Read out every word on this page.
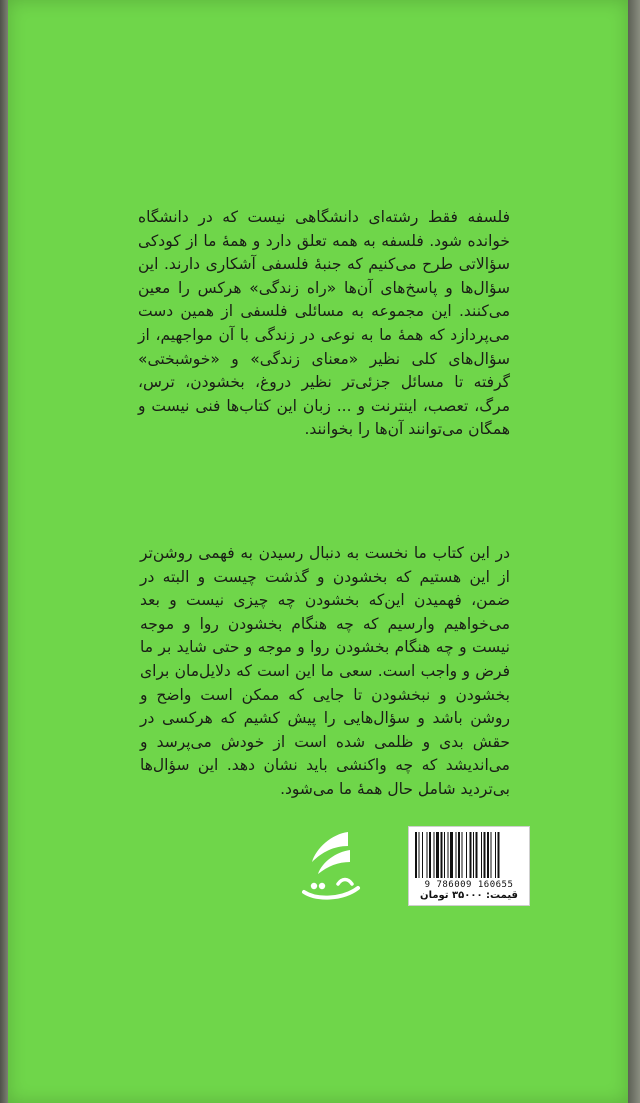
فلسفه فقط رشته‌ای دانشگاهی نیست که در دانشگاه خوانده شود. فلسفه به همه تعلق دارد و همهٔ ما از کودکی سؤالاتی طرح می‌کنیم که جنبهٔ فلسفی آشکاری دارند. این سؤال‌ها و پاسخ‌های آن‌ها «راه زندگی» هرکس را معین می‌کنند. این مجموعه به مسائلی فلسفی از همین دست می‌پردازد که همهٔ ما به نوعی در زندگی با آن مواجهیم، از سؤال‌های کلی نظیر «معنای زندگی» و «خوشبختی» گرفته تا مسائل جزئی‌تر نظیر دروغ، بخشودن، ترس، مرگ، تعصب، اینترنت و ... زبان این کتاب‌ها فنی نیست و همگان می‌توانند آن‌ها را بخوانند.

در این کتاب ما نخست به دنبال رسیدن به فهمی روشن‌تر از این هستیم که بخشودن و گذشت چیست و البته در ضمن، فهمیدن این‌که بخشودن چه چیزی نیست و بعد می‌خواهیم وارسیم که چه هنگام بخشودن روا و موجه نیست و چه هنگام بخشودن روا و موجه و حتی شاید بر ما فرض و واجب است. سعی ما این است که دلایل‌مان برای بخشودن و نبخشودن تا جایی که ممکن است واضح و روشن باشد و سؤال‌هایی را پیش کشیم که هرکسی در حقش بدی و ظلمی شده است از خودش می‌پرسد و می‌اندیشد که چه واکنشی باید نشان دهد. این سؤال‌ها بی‌تردید شامل حال همهٔ ما می‌شود.

9 786009 160655
قیمت: ۳۵۰۰۰ تومان
